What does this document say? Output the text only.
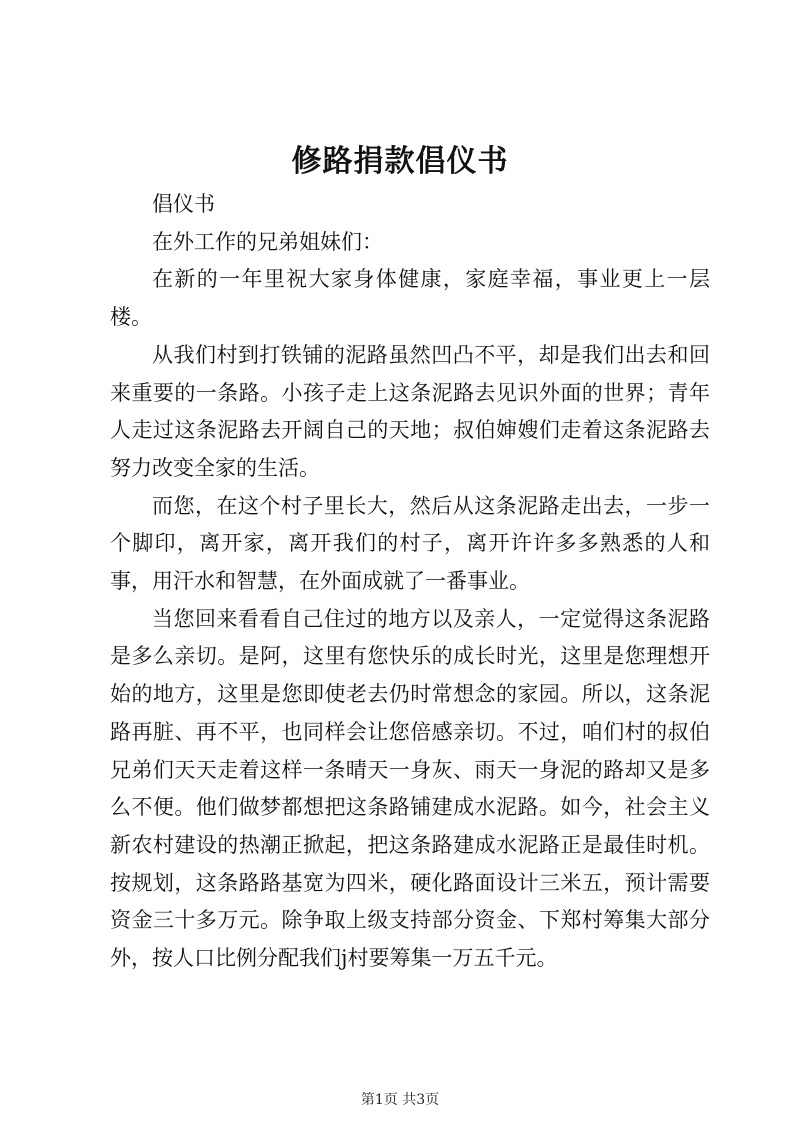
修路捐款倡仪书

倡仪书

在外工作的兄弟姐妹们：

在新的一年里祝大家身体健康，家庭幸福，事业更上一层楼。

从我们村到打铁铺的泥路虽然凹凸不平，却是我们出去和回来重要的一条路。小孩子走上这条泥路去见识外面的世界；青年人走过这条泥路去开阔自己的天地；叔伯婶嫂们走着这条泥路去努力改变全家的生活。

而您，在这个村子里长大，然后从这条泥路走出去，一步一个脚印，离开家，离开我们的村子，离开许许多多熟悉的人和事，用汗水和智慧，在外面成就了一番事业。

当您回来看看自己住过的地方以及亲人，一定觉得这条泥路是多么亲切。是阿，这里有您快乐的成长时光，这里是您理想开始的地方，这里是您即使老去仍时常想念的家园。所以，这条泥路再脏、再不平，也同样会让您倍感亲切。不过，咱们村的叔伯兄弟们天天走着这样一条晴天一身灰、雨天一身泥的路却又是多么不便。他们做梦都想把这条路铺建成水泥路。如今，社会主义新农村建设的热潮正掀起，把这条路建成水泥路正是最佳时机。按规划，这条路路基宽为四米，硬化路面设计三米五，预计需要资金三十多万元。除争取上级支持部分资金、下郑村筹集大部分外，按人口比例分配我们j村要筹集一万五千元。

第1页 共3页
